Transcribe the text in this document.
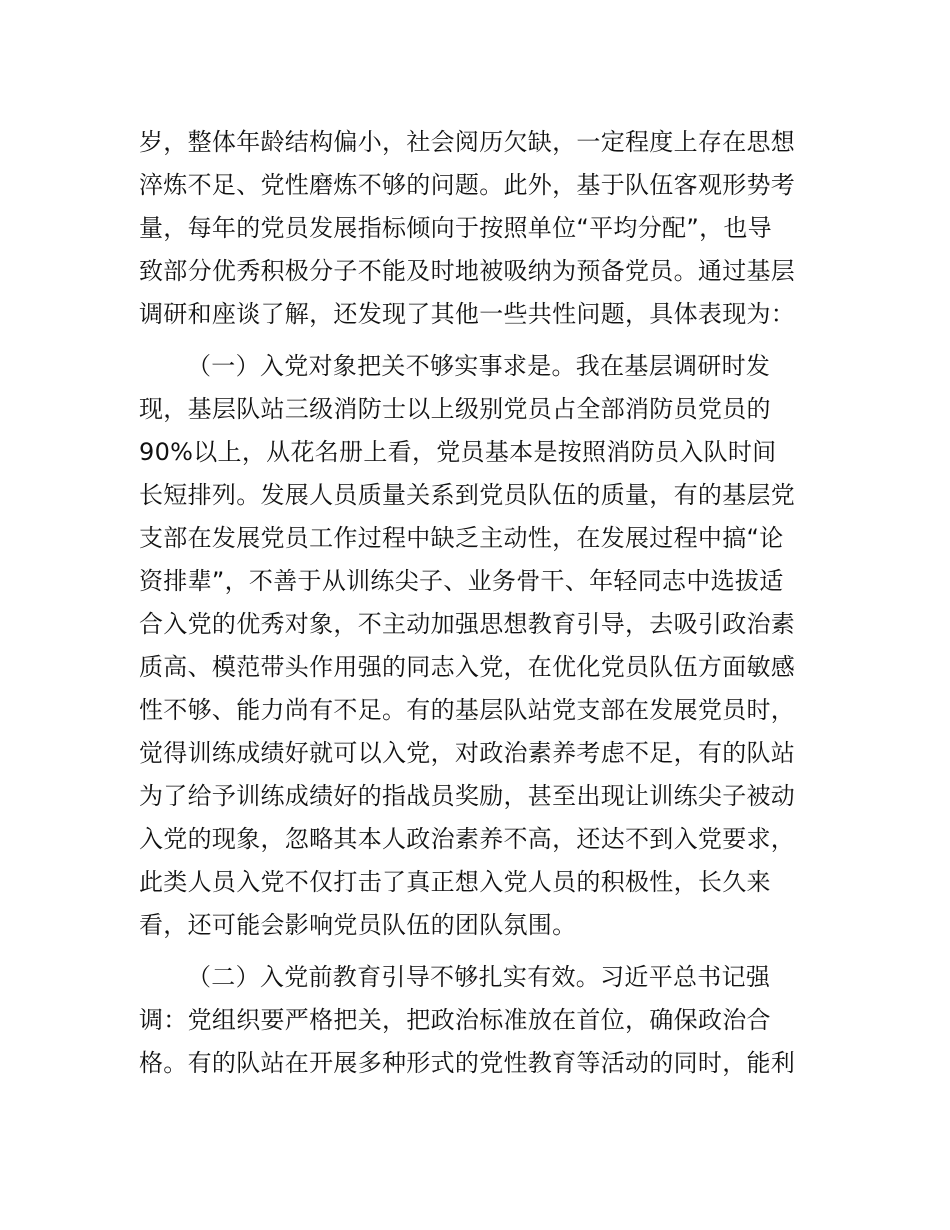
岁，整体年龄结构偏小，社会阅历欠缺，一定程度上存在思想
淬炼不足、党性磨炼不够的问题。此外，基于队伍客观形势考
量，每年的党员发展指标倾向于按照单位“平均分配”，也导
致部分优秀积极分子不能及时地被吸纳为预备党员。通过基层
调研和座谈了解，还发现了其他一些共性问题，具体表现为：
（一）入党对象把关不够实事求是。我在基层调研时发
现，基层队站三级消防士以上级别党员占全部消防员党员的
90%以上，从花名册上看，党员基本是按照消防员入队时间
长短排列。发展人员质量关系到党员队伍的质量，有的基层党
支部在发展党员工作过程中缺乏主动性，在发展过程中搞“论
资排辈”，不善于从训练尖子、业务骨干、年轻同志中选拔适
合入党的优秀对象，不主动加强思想教育引导，去吸引政治素
质高、模范带头作用强的同志入党，在优化党员队伍方面敏感
性不够、能力尚有不足。有的基层队站党支部在发展党员时，
觉得训练成绩好就可以入党，对政治素养考虑不足，有的队站
为了给予训练成绩好的指战员奖励，甚至出现让训练尖子被动
入党的现象，忽略其本人政治素养不高，还达不到入党要求，
此类人员入党不仅打击了真正想入党人员的积极性，长久来
看，还可能会影响党员队伍的团队氛围。
（二）入党前教育引导不够扎实有效。习近平总书记强
调：党组织要严格把关，把政治标准放在首位，确保政治合
格。有的队站在开展多种形式的党性教育等活动的同时，能利
